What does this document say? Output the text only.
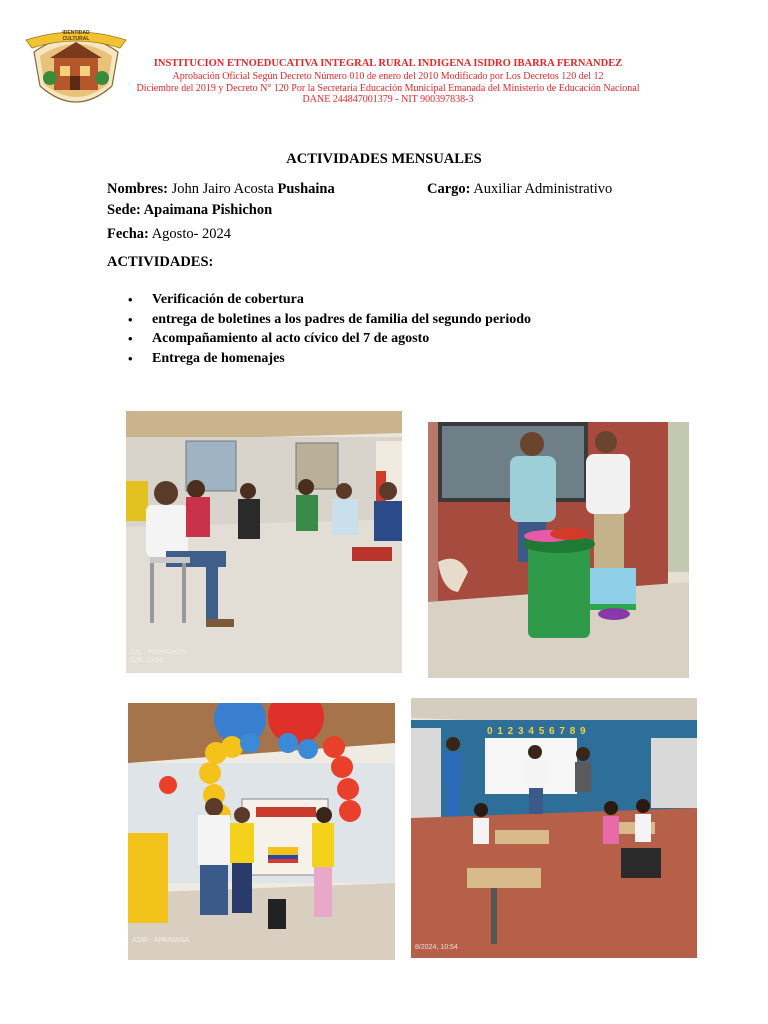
IDENTIDAD CULTURAL
INSTITUCION ETNOEDUCATIVA INTEGRAL RURAL INDIGENA ISIDRO IBARRA FERNANDEZ
Aprobación Oficial Según Decreto Número 010 de enero del 2010 Modificado por Los Decretos 120 del 12
Diciembre del 2019 y Decreto N° 120 Por la Secretaria Educación Municipal Emanada del Ministerio de Educación Nacional
DANE 244847001379 - NIT 900397838-3
ACTIVIDADES MENSUALES
Nombres: John Jairo Acosta Pushaina	Cargo: Auxiliar Administrativo
Sede: Apaimana Pishichon
Fecha: Agosto- 2024
ACTIVIDADES:
• Verificación de cobertura
• entrega de boletines a los padres de familia del segundo periodo
• Acompañamiento al acto cívico del 7 de agosto
• Entrega de homenajes
22s · PISHICHON
024, 10:58
ASBI · APAIMANA
0 1 2 3 4 5 6 7 8 9
8/2024, 10:54
